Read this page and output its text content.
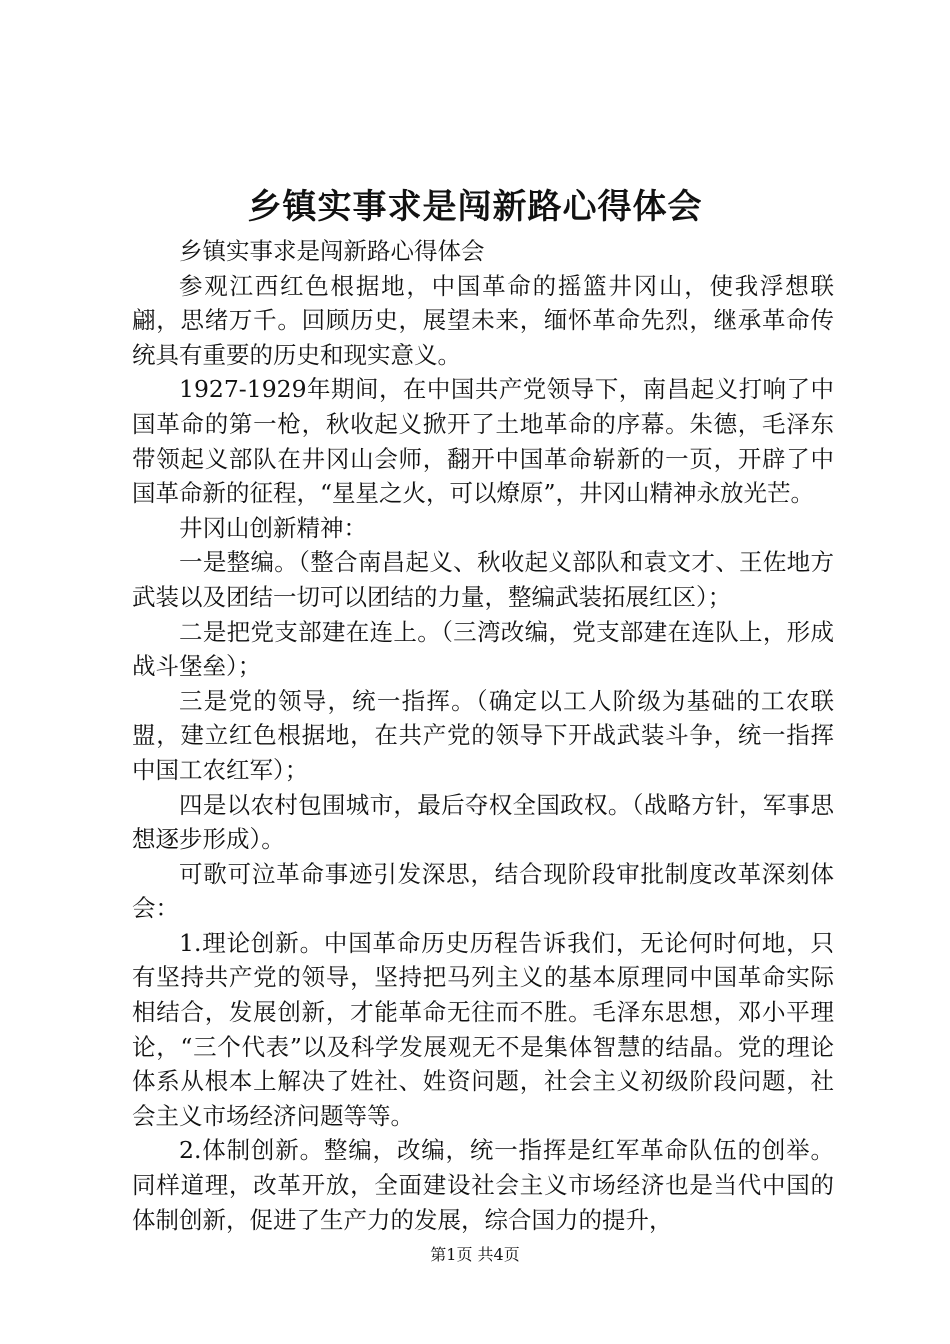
乡镇实事求是闯新路心得体会

乡镇实事求是闯新路心得体会

参观江西红色根据地，中国革命的摇篮井冈山，使我浮想联翩，思绪万千。回顾历史，展望未来，缅怀革命先烈，继承革命传统具有重要的历史和现实意义。

1927-1929年期间，在中国共产党领导下，南昌起义打响了中国革命的第一枪，秋收起义掀开了土地革命的序幕。朱德，毛泽东带领起义部队在井冈山会师，翻开中国革命崭新的一页，开辟了中国革命新的征程，“星星之火，可以燎原”，井冈山精神永放光芒。

井冈山创新精神：

一是整编。（整合南昌起义、秋收起义部队和袁文才、王佐地方武装以及团结一切可以团结的力量，整编武装拓展红区）；

二是把党支部建在连上。（三湾改编，党支部建在连队上，形成战斗堡垒）；

三是党的领导，统一指挥。（确定以工人阶级为基础的工农联盟，建立红色根据地，在共产党的领导下开战武装斗争，统一指挥中国工农红军）；

四是以农村包围城市，最后夺权全国政权。（战略方针，军事思想逐步形成）。

可歌可泣革命事迹引发深思，结合现阶段审批制度改革深刻体会：

1.理论创新。中国革命历史历程告诉我们，无论何时何地，只有坚持共产党的领导，坚持把马列主义的基本原理同中国革命实际相结合，发展创新，才能革命无往而不胜。毛泽东思想，邓小平理论，“三个代表”以及科学发展观无不是集体智慧的结晶。党的理论体系从根本上解决了姓社、姓资问题，社会主义初级阶段问题，社会主义市场经济问题等等。

2.体制创新。整编，改编，统一指挥是红军革命队伍的创举。同样道理，改革开放，全面建设社会主义市场经济也是当代中国的体制创新，促进了生产力的发展，综合国力的提升，

第1页 共4页
